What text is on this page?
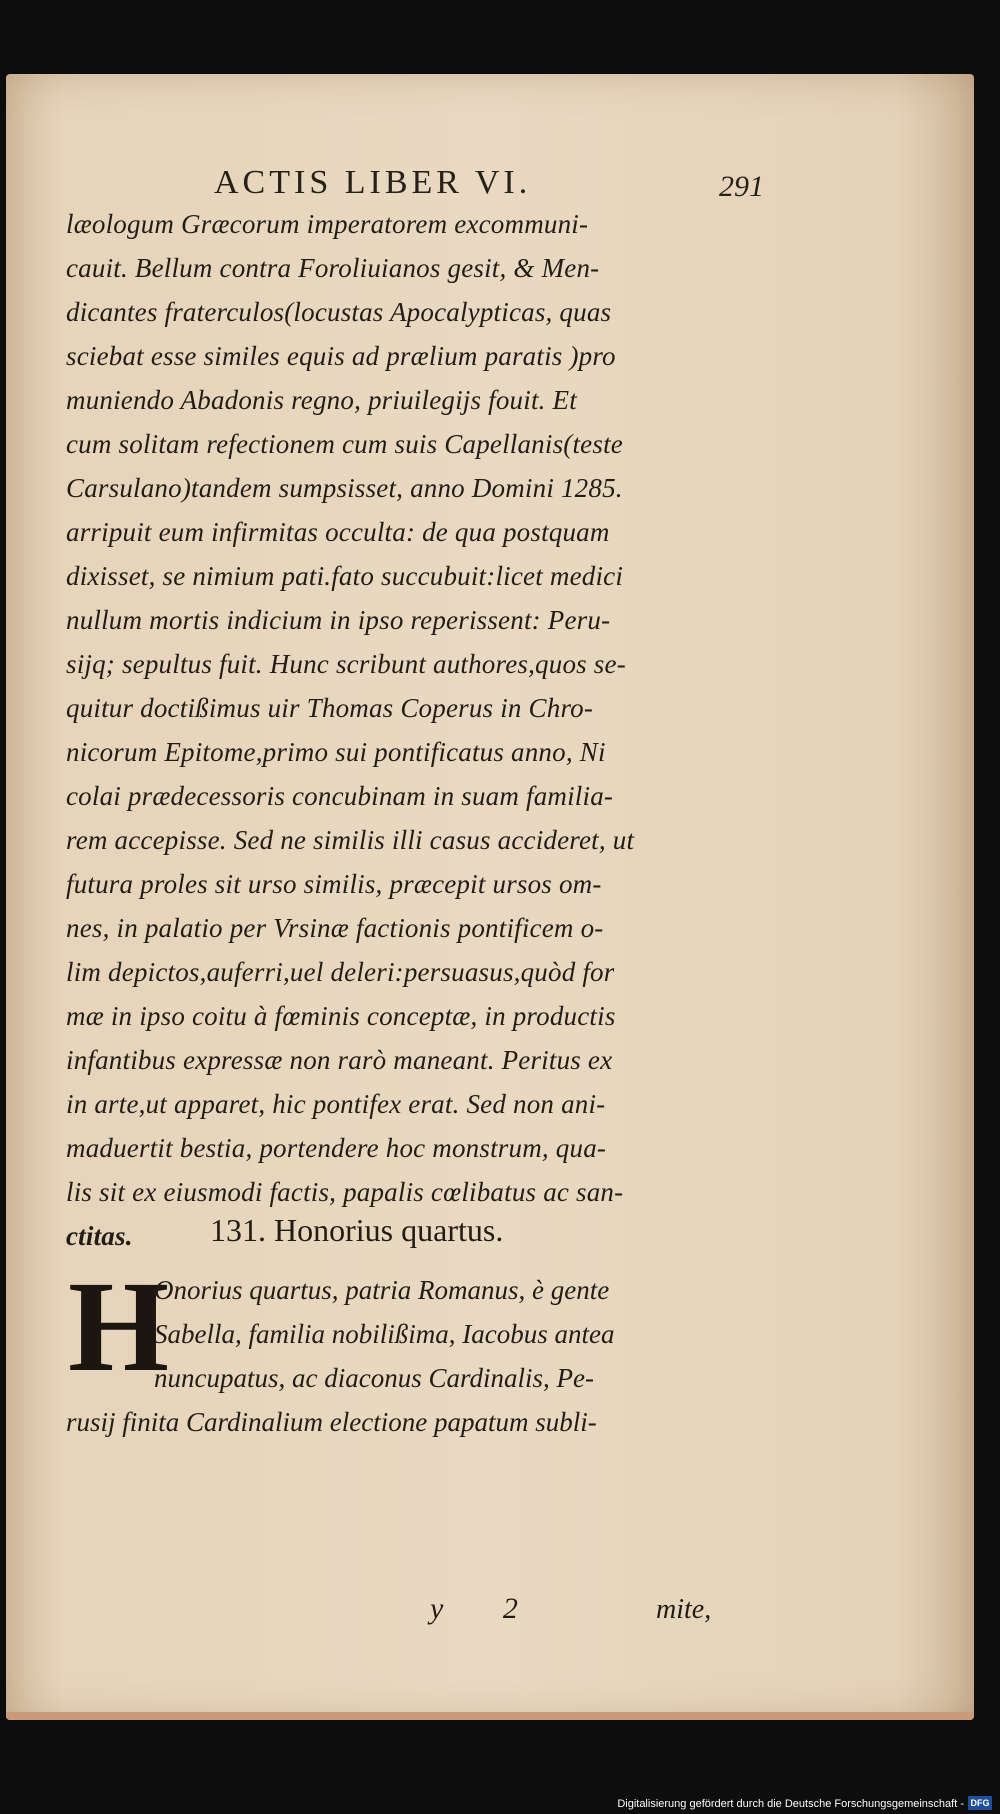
ACTIS LIBER VI.	291
læologum Græcorum imperatorem excommuni-
cauit. Bellum contra Foroliuianos gesit, & Men-
dicantes fraterculos(locustas Apocalypticas, quas
sciebat esse similes equis ad prælium paratis )pro
muniendo Abadonis regno, priuilegijs fouit. Et
cum solitam refectionem cum suis Capellanis(teste
Carsulano)tandem sumpsisset, anno Domini 1285.
arripuit eum infirmitas occulta: de qua postquam
dixisset, se nimium pati.fato succubuit:licet medici
nullum mortis indicium in ipso reperissent: Peru-
sijq; sepultus fuit. Hunc scribunt authores,quos se-
quitur doctißimus uir Thomas Coperus in Chro-
nicorum Epitome,primo sui pontificatus anno, Ni
colai prædecessoris concubinam in suam familia-
rem accepisse. Sed ne similis illi casus accideret, ut
futura proles sit urso similis, præcepit ursos om-
nes, in palatio per Vrsinæ factionis pontificem o-
lim depictos,auferri,uel deleri:persuasus,quòd for
mæ in ipso coitu à fœminis conceptæ, in productis
infantibus expressæ non rarò maneant. Peritus ex
in arte,ut apparet, hic pontifex erat. Sed non ani-
maduertit bestia, portendere hoc monstrum, qua-
lis sit ex eiusmodi factis, papalis cœlibatus ac san-
ctitas.	131. Honorius quartus.
H
Onorius quartus, patria Romanus, è gente
Sabella, familia nobilißima, Iacobus antea
nuncupatus, ac diaconus Cardinalis, Pe-
rusij finita Cardinalium electione papatum subli-
y 2	mite,
Digitalisierung gefördert durch die Deutsche Forschungsgemeinschaft - DFG
